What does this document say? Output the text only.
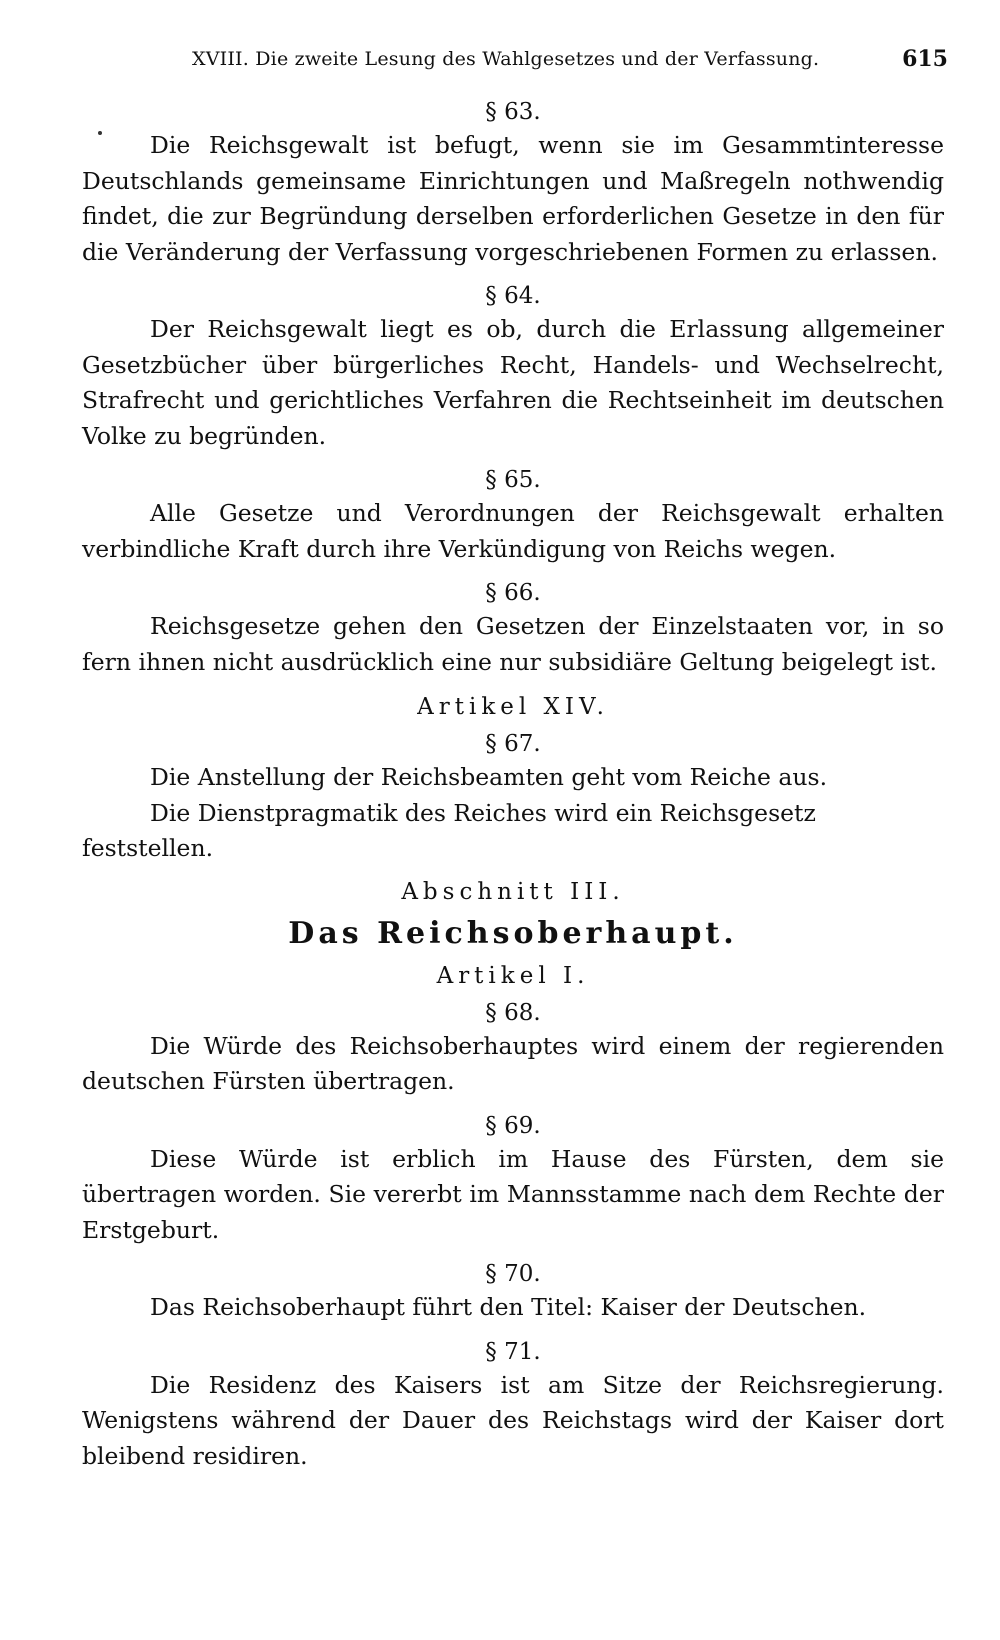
XVIII. Die zweite Lesung des Wahlgesetzes und der Verfassung.	615
§ 63.

Die Reichsgewalt ist befugt, wenn sie im Gesammtinteresse Deutschlands gemeinsame Einrichtungen und Maßregeln nothwendig findet, die zur Begründung derselben erforderlichen Gesetze in den für die Veränderung der Verfassung vorgeschriebenen Formen zu erlassen.

§ 64.

Der Reichsgewalt liegt es ob, durch die Erlassung allgemeiner Gesetzbücher über bürgerliches Recht, Handels- und Wechselrecht, Strafrecht und gerichtliches Verfahren die Rechtseinheit im deutschen Volke zu begründen.

§ 65.

Alle Gesetze und Verordnungen der Reichsgewalt erhalten verbindliche Kraft durch ihre Verkündigung von Reichs wegen.

§ 66.

Reichsgesetze gehen den Gesetzen der Einzelstaaten vor, in so fern ihnen nicht ausdrücklich eine nur subsidiäre Geltung beigelegt ist.

Artikel XIV.
§ 67.

Die Anstellung der Reichsbeamten geht vom Reiche aus.

Die Dienstpragmatik des Reiches wird ein Reichsgesetz feststellen.

Abschnitt III.
Das Reichsoberhaupt.
Artikel I.
§ 68.

Die Würde des Reichsoberhauptes wird einem der regierenden deutschen Fürsten übertragen.

§ 69.

Diese Würde ist erblich im Hause des Fürsten, dem sie übertragen worden. Sie vererbt im Mannsstamme nach dem Rechte der Erstgeburt.

§ 70.

Das Reichsoberhaupt führt den Titel: Kaiser der Deutschen.

§ 71.

Die Residenz des Kaisers ist am Sitze der Reichsregierung. Wenigstens während der Dauer des Reichstags wird der Kaiser dort bleibend residiren.
